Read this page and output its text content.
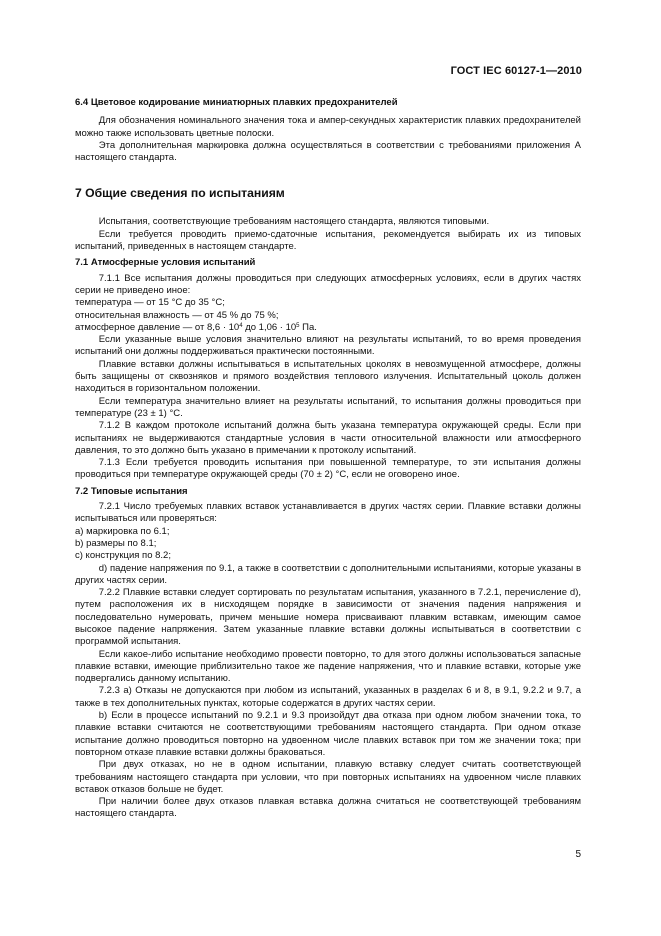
ГОСТ IEC 60127-1—2010

6.4 Цветовое кодирование миниатюрных плавких предохранителей

Для обозначения номинального значения тока и ампер-секундных характеристик плавких предохранителей можно также использовать цветные полоски.

Эта дополнительная маркировка должна осуществляться в соответствии с требованиями приложения А настоящего стандарта.

7 Общие сведения по испытаниям

Испытания, соответствующие требованиям настоящего стандарта, являются типовыми.

Если требуется проводить приемо-сдаточные испытания, рекомендуется выбирать их из типовых испытаний, приведенных в настоящем стандарте.

7.1 Атмосферные условия испытаний

7.1.1 Все испытания должны проводиться при следующих атмосферных условиях, если в других частях серии не приведено иное:

температура — от 15 °С до 35 °С;

относительная влажность — от 45 % до 75 %;

атмосферное давление — от $8,6 \cdot 10^4$ до $1,06 \cdot 10^5$ Па.

Если указанные выше условия значительно влияют на результаты испытаний, то во время проведения испытаний они должны поддерживаться практически постоянными.

Плавкие вставки должны испытываться в испытательных цоколях в невозмущенной атмосфере, должны быть защищены от сквозняков и прямого воздействия теплового излучения. Испытательный цоколь должен находиться в горизонтальном положении.

Если температура значительно влияет на результаты испытаний, то испытания должны проводиться при температуре (23 ± 1) °С.

7.1.2 В каждом протоколе испытаний должна быть указана температура окружающей среды. Если при испытаниях не выдерживаются стандартные условия в части относительной влажности или атмосферного давления, то это должно быть указано в примечании к протоколу испытаний.

7.1.3 Если требуется проводить испытания при повышенной температуре, то эти испытания должны проводиться при температуре окружающей среды (70 ± 2) °С, если не оговорено иное.

7.2 Типовые испытания

7.2.1 Число требуемых плавких вставок устанавливается в других частях серии. Плавкие вставки должны испытываться или проверяться:

a) маркировка по 6.1;

b) размеры по 8.1;

c) конструкция по 8.2;

d) падение напряжения по 9.1, а также в соответствии с дополнительными испытаниями, которые указаны в других частях серии.

7.2.2 Плавкие вставки следует сортировать по результатам испытания, указанного в 7.2.1, перечисление d), путем расположения их в нисходящем порядке в зависимости от значения падения напряжения и последовательно нумеровать, причем меньшие номера присваивают плавким вставкам, имеющим самое высокое падение напряжения. Затем указанные плавкие вставки должны испытываться в соответствии с программой испытания.

Если какое-либо испытание необходимо провести повторно, то для этого должны использоваться запасные плавкие вставки, имеющие приблизительно такое же падение напряжения, что и плавкие вставки, которые уже подвергались данному испытанию.

7.2.3 а) Отказы не допускаются при любом из испытаний, указанных в разделах 6 и 8, в 9.1, 9.2.2 и 9.7, а также в тех дополнительных пунктах, которые содержатся в других частях серии.

b) Если в процессе испытаний по 9.2.1 и 9.3 произойдут два отказа при одном любом значении тока, то плавкие вставки считаются не соответствующими требованиям настоящего стандарта. При одном отказе испытание должно проводиться повторно на удвоенном числе плавких вставок при том же значении тока; при повторном отказе плавкие вставки должны браковаться.

При двух отказах, но не в одном испытании, плавкую вставку следует считать соответствующей требованиям настоящего стандарта при условии, что при повторных испытаниях на удвоенном числе плавких вставок отказов больше не будет.

При наличии более двух отказов плавкая вставка должна считаться не соответствующей требованиям настоящего стандарта.

5
